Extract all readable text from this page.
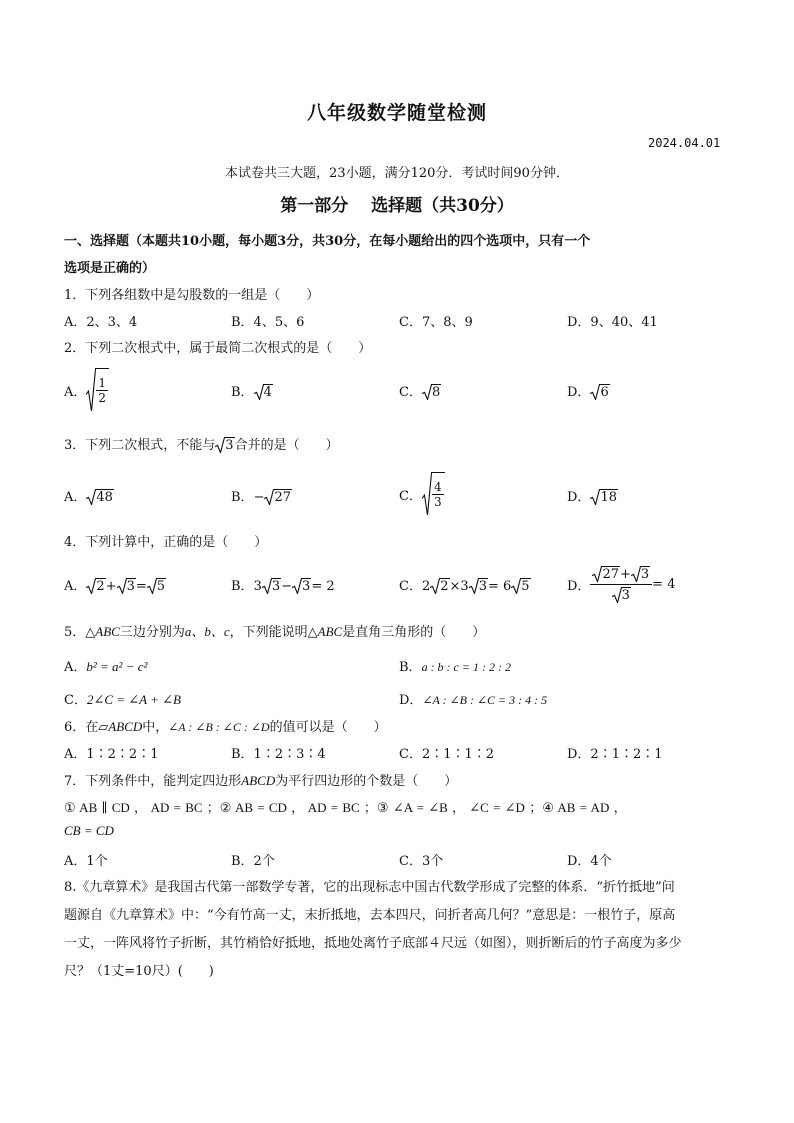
八年级数学随堂检测
2024.04.01
本试卷共三大题，23小题，满分120分．考试时间90分钟．
第一部分　 选择题（共30分）
一、选择题（本题共10小题，每小题3分，共30分，在每小题给出的四个选项中，只有一个
选项是正确的）
1．下列各组数中是勾股数的一组是（　　）
A．2、3、4	B．4、5、6	C．7、8、9	D．9、40、41
2．下列二次根式中，属于最简二次根式的是（　　）
A． $\frac{1}{2}$	B． 4	C． 8	D． 6
3．下列二次根式，不能与 3合并的是（　　）
A． 48	B．− 27	C． $\frac{4}{3}$	D． 18
4．下列计算中，正确的是（　　）
A． 2+ 3= 5	B．3 3− 3= 2	C．2 2×3 3= 6 5	D． $\frac{27+ 3}{3} = 4$
5．△ABC三边分别为a、b、c，下列能说明△ABC是直角三角形的（　　）
A．b² = a² − c²	B．a : b : c = 1 : 2 : 2
C．2∠C = ∠A + ∠B	D．∠A : ∠B : ∠C = 3 : 4 : 5
6．在▱ABCD中，∠A : ∠B : ∠C : ∠D的值可以是（　　）
A．1∶2∶2∶1	B．1∶2∶3∶4	C．2∶1∶1∶2	D．2∶1∶2∶1
7．下列条件中，能判定四边形ABCD为平行四边形的个数是（　　）
① AB ∥ CD ， AD = BC ；② AB = CD ， AD = BC ；③ ∠A = ∠B ， ∠C = ∠D ；④ AB = AD ，
CB = CD
A．1个	B．2个	C．3个	D．4个
8.《九章算术》是我国古代第一部数学专著，它的出现标志中国古代数学形成了完整的体系．“折竹抵地”问
题源自《九章算术》中：“今有竹高一丈，末折抵地，去本四尺，问折者高几何？”意思是：一根竹子，原高
一丈，一阵风将竹子折断，其竹梢恰好抵地，抵地处离竹子底部４尺远（如图），则折断后的竹子高度为多少
尺？（1丈=10尺）(　　)
